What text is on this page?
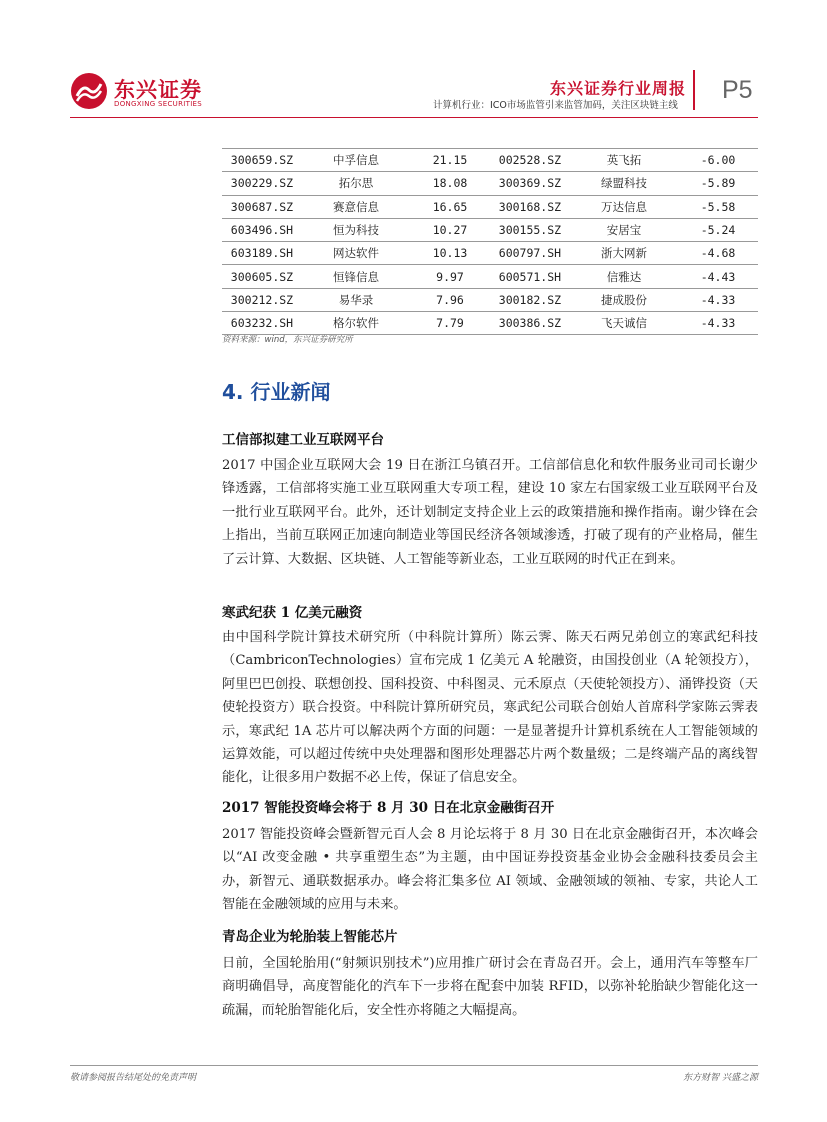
东兴证券
DONGXING SECURITIES
东兴证券行业周报
计算机行业：ICO市场监管引来监管加码，关注区块链主线
P5
300659.SZ	中孚信息	21.15	002528.SZ	英飞拓	-6.00
300229.SZ	拓尔思	18.08	300369.SZ	绿盟科技	-5.89
300687.SZ	赛意信息	16.65	300168.SZ	万达信息	-5.58
603496.SH	恒为科技	10.27	300155.SZ	安居宝	-5.24
603189.SH	网达软件	10.13	600797.SH	浙大网新	-4.68
300605.SZ	恒锋信息	9.97	600571.SH	信雅达	-4.43
300212.SZ	易华录	7.96	300182.SZ	捷成股份	-4.33
603232.SH	格尔软件	7.79	300386.SZ	飞天诚信	-4.33
资料来源：wind，东兴证券研究所
4. 行业新闻
工信部拟建工业互联网平台

2017 中国企业互联网大会 19 日在浙江乌镇召开。工信部信息化和软件服务业司司长谢少锋透露，工信部将实施工业互联网重大专项工程，建设 10 家左右国家级工业互联网平台及一批行业互联网平台。此外，还计划制定支持企业上云的政策措施和操作指南。谢少锋在会上指出，当前互联网正加速向制造业等国民经济各领域渗透，打破了现有的产业格局，催生了云计算、大数据、区块链、人工智能等新业态，工业互联网的时代正在到来。

寒武纪获 1 亿美元融资

由中国科学院计算技术研究所（中科院计算所）陈云霁、陈天石两兄弟创立的寒武纪科技（CambriconTechnologies）宣布完成 1 亿美元 A 轮融资，由国投创业（A 轮领投方），阿里巴巴创投、联想创投、国科投资、中科图灵、元禾原点（天使轮领投方）、涌铧投资（天使轮投资方）联合投资。中科院计算所研究员，寒武纪公司联合创始人首席科学家陈云霁表示，寒武纪 1A 芯片可以解决两个方面的问题：一是显著提升计算机系统在人工智能领域的运算效能，可以超过传统中央处理器和图形处理器芯片两个数量级；二是终端产品的离线智能化，让很多用户数据不必上传，保证了信息安全。

2017 智能投资峰会将于 8 月 30 日在北京金融街召开

2017 智能投资峰会暨新智元百人会 8 月论坛将于 8 月 30 日在北京金融街召开，本次峰会以“AI 改变金融 • 共享重塑生态”为主题，由中国证券投资基金业协会金融科技委员会主办，新智元、通联数据承办。峰会将汇集多位 AI 领域、金融领域的领袖、专家，共论人工智能在金融领域的应用与未来。

青岛企业为轮胎装上智能芯片

日前，全国轮胎用(“射频识别技术”)应用推广研讨会在青岛召开。会上，通用汽车等整车厂商明确倡导，高度智能化的汽车下一步将在配套中加装 RFID，以弥补轮胎缺少智能化这一疏漏，而轮胎智能化后，安全性亦将随之大幅提高。

敬请参阅报告结尾处的免责声明	东方财智 兴盛之源
